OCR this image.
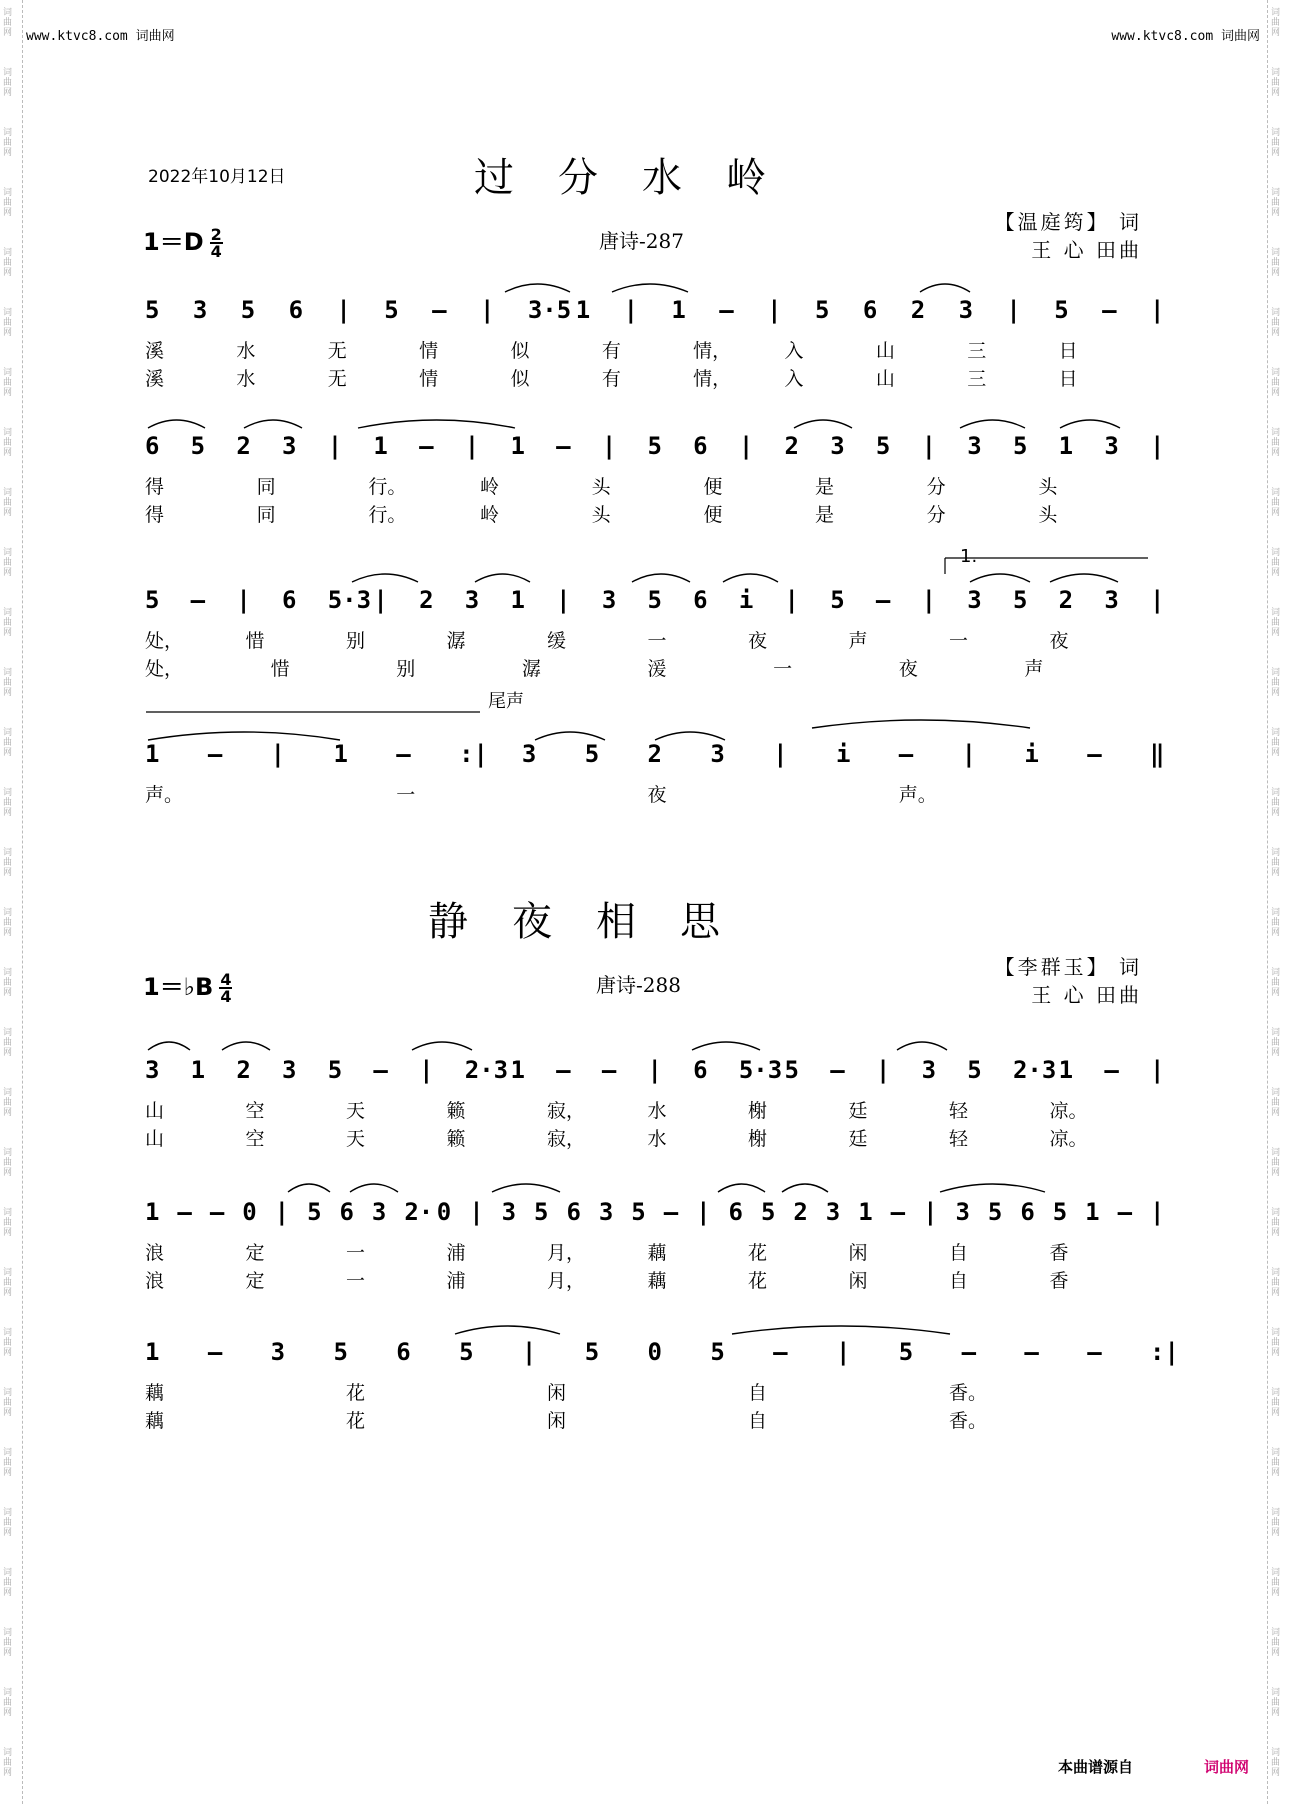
词
曲
网
词
曲
网
词
曲
网
词
曲
网
词
曲
网
词
曲
网
词
曲
网
词
曲
网
词
曲
网
词
曲
网
词
曲
网
词
曲
网
词
曲
网
词
曲
网
词
曲
网
词
曲
网
词
曲
网
词
曲
网
词
曲
网
词
曲
网
词
曲
网
词
曲
网
词
曲
网
词
曲
网
词
曲
网
词
曲
网
词
曲
网
词
曲
网
词
曲
网
词
曲
网
词
曲
网
词
曲
网
词
曲
网
词
曲
网
词
曲
网
词
曲
网
词
曲
网
词
曲
网
词
曲
网
词
曲
网
词
曲
网
词
曲
网
词
曲
网
词
曲
网
词
曲
网
词
曲
网
词
曲
网
词
曲
网
词
曲
网
词
曲
网
词
曲
网
词
曲
网
词
曲
网
词
曲
网
词
曲
网
词
曲
网
词
曲
网
词
曲
网
词
曲
网
词
曲
网
www.ktvc8.com 词曲网	www.ktvc8.com 词曲网
2022年10月12日	过分水岭
$1=D \frac{2}{4}$	唐诗-287
【温庭筠】 词
王 心 田曲
5 3 5 6 | 5 – | 3·5 1 | 1 – | 5 6 2 3 | 5 – |
溪	水	无	情	似	有	情，	入	山	三	日
溪	水	无	情	似	有	情，	入	山	三	日
6 5 2 3 | 1 – | 1 – | 5 6 | 2 3 5 | 3 5 1 3 |
得	同	行。	岭	头	便	是	分	头
得	同	行。	岭	头	便	是	分	头
5 – | 6 5·3 | 2 3 1 | 3 5 6 i | 5 – | 3 5 2 3 |
处，	惜	别	潺	缓	一	夜	声	一	夜
处，	惜	别	潺	湲	一	夜	声
1.
1 – | 1 – :| 3 5 2 3 | i – | i – ‖
声。	一	夜	声。
尾声
静夜相思
1＝♭B $\frac{4}{4}$	唐诗-288
【李群玉】 词
王 心 田曲
3 1 2 3 5 – | 2·3 1 – – | 6 5·3 5 – | 3 5 2·3 1 – |
山	空	天	籁	寂，	水	榭	廷	轻	凉。
山	空	天	籁	寂，	水	榭	廷	轻	凉。
1 – – 0 | 5 6 3 2· 0 | 3 5 6 3 5 – | 6 5 2 3 1 – | 3 5 6 5 1 – |
浪	定	一	浦	月，	藕	花	闲	自	香
浪	定	一	浦	月，	藕	花	闲	自	香
1 – 3 5 6 5 | 5 0 5 – | 5 – – – :|
藕	花	闲	自	香。
藕	花	闲	自	香。
本曲谱源自	词曲网
